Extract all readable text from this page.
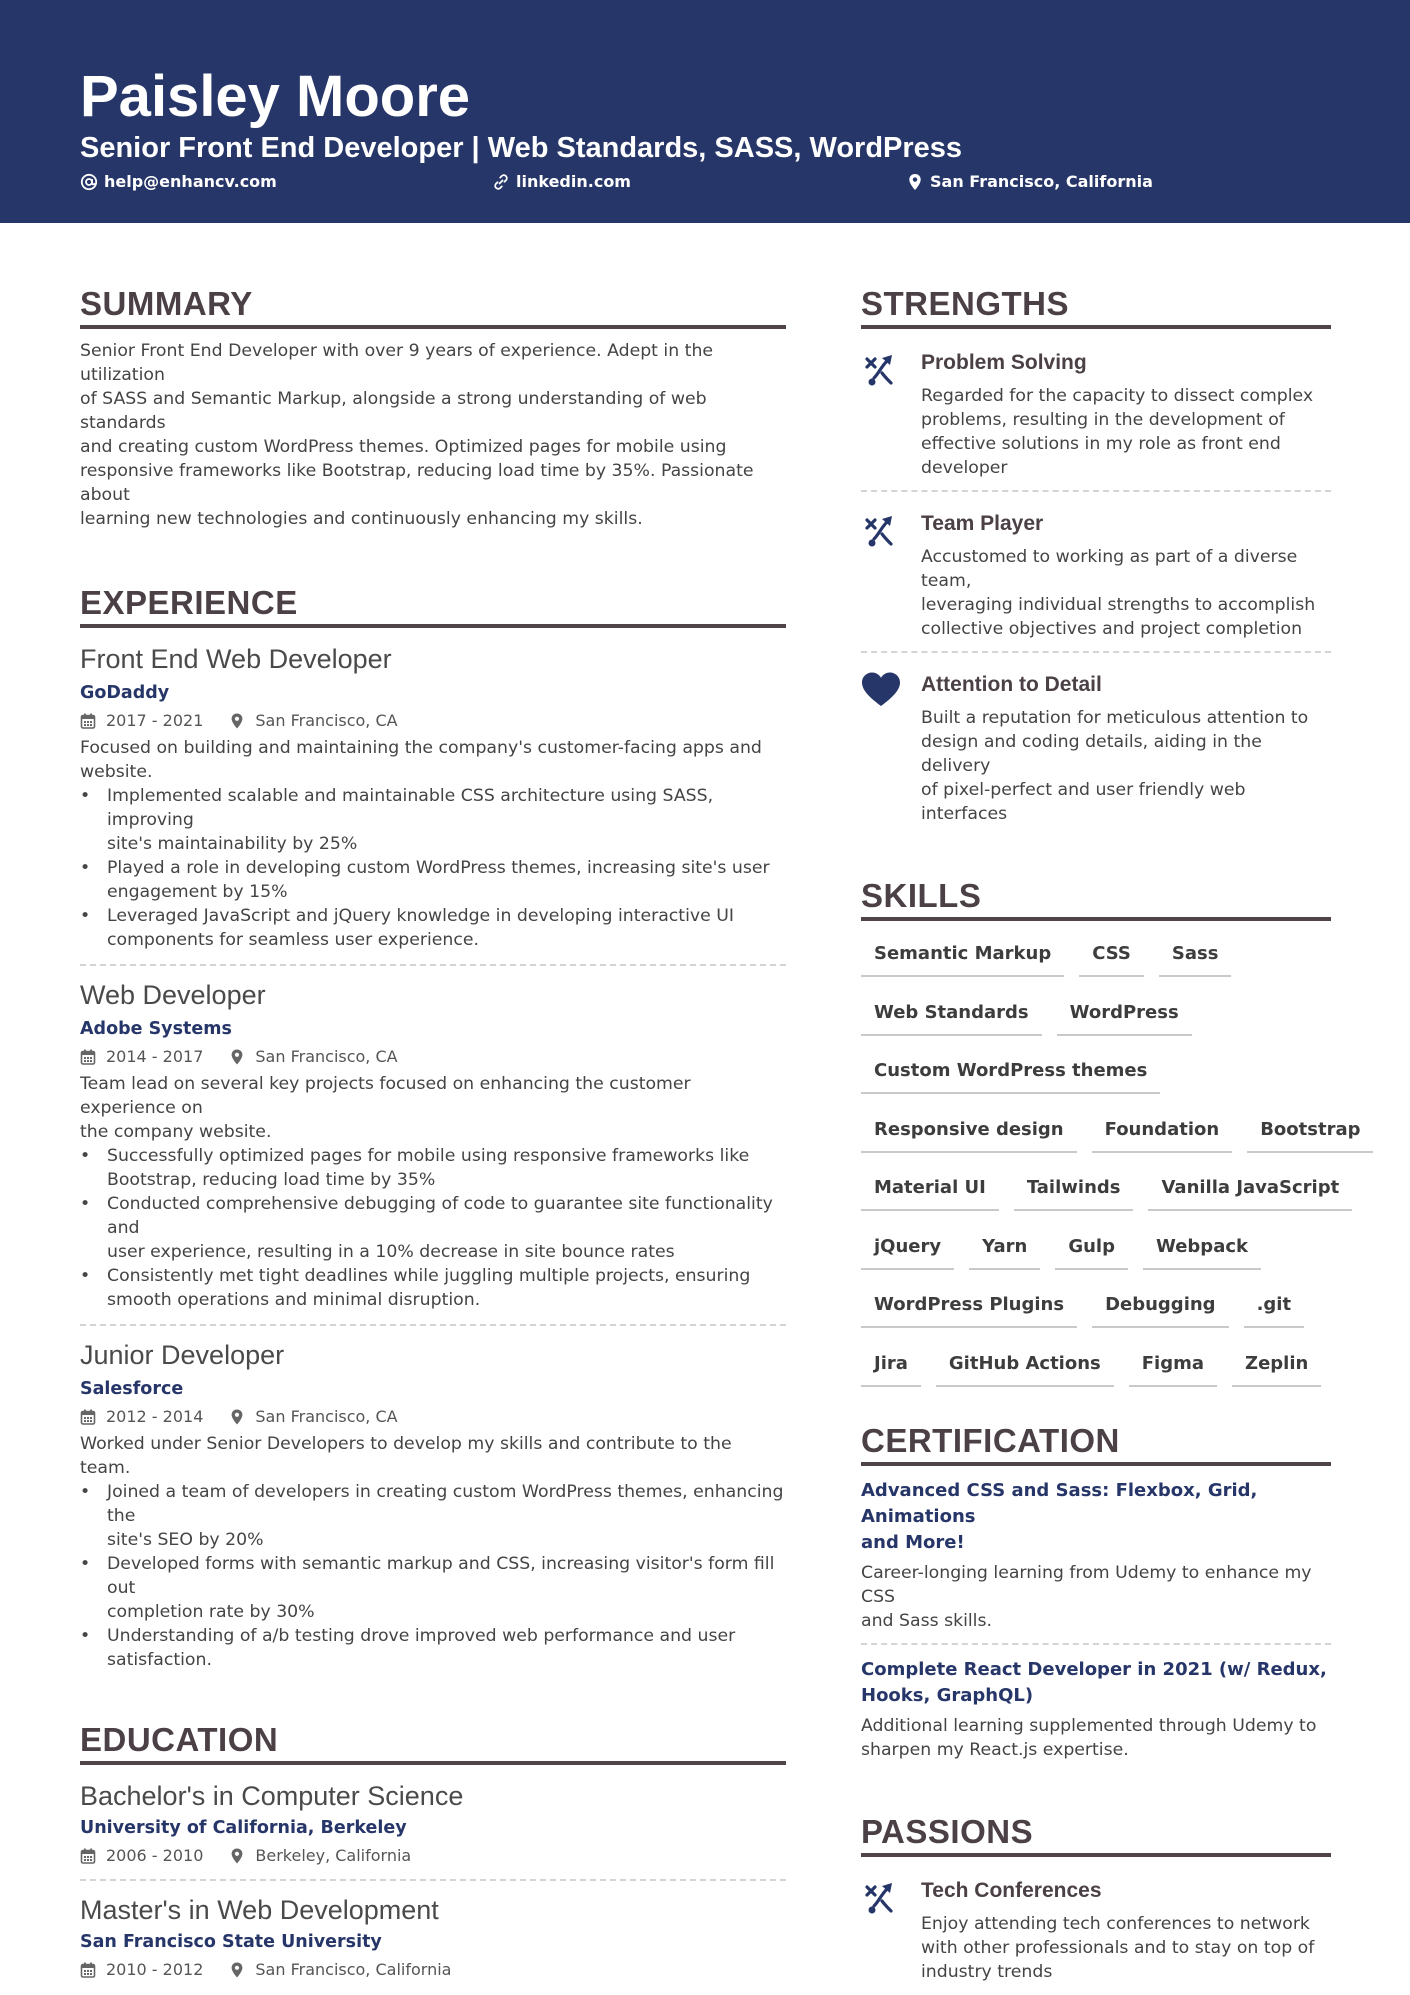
Paisley Moore
Senior Front End Developer | Web Standards, SASS, WordPress
help@enhancv.com	linkedin.com	San Francisco, California
SUMMARY
Senior Front End Developer with over 9 years of experience. Adept in the utilization
of SASS and Semantic Markup, alongside a strong understanding of web standards
and creating custom WordPress themes. Optimized pages for mobile using
responsive frameworks like Bootstrap, reducing load time by 35%. Passionate about
learning new technologies and continuously enhancing my skills.
EXPERIENCE
Front End Web Developer
GoDaddy
2017 - 2021	San Francisco, CA
Focused on building and maintaining the company's customer-facing apps and
website.
• Implemented scalable and maintainable CSS architecture using SASS, improving
site's maintainability by 25%
• Played a role in developing custom WordPress themes, increasing site's user
engagement by 15%
• Leveraged JavaScript and jQuery knowledge in developing interactive UI
components for seamless user experience.
Web Developer
Adobe Systems
2014 - 2017	San Francisco, CA
Team lead on several key projects focused on enhancing the customer experience on
the company website.
• Successfully optimized pages for mobile using responsive frameworks like
Bootstrap, reducing load time by 35%
• Conducted comprehensive debugging of code to guarantee site functionality and
user experience, resulting in a 10% decrease in site bounce rates
• Consistently met tight deadlines while juggling multiple projects, ensuring
smooth operations and minimal disruption.
Junior Developer
Salesforce
2012 - 2014	San Francisco, CA
Worked under Senior Developers to develop my skills and contribute to the team.
• Joined a team of developers in creating custom WordPress themes, enhancing the
site's SEO by 20%
• Developed forms with semantic markup and CSS, increasing visitor's form fill out
completion rate by 30%
• Understanding of a/b testing drove improved web performance and user
satisfaction.
EDUCATION
Bachelor's in Computer Science
University of California, Berkeley
2006 - 2010	Berkeley, California
Master's in Web Development
San Francisco State University
2010 - 2012	San Francisco, California
STRENGTHS
Problem Solving
Regarded for the capacity to dissect complex
problems, resulting in the development of
effective solutions in my role as front end
developer
Team Player
Accustomed to working as part of a diverse team,
leveraging individual strengths to accomplish
collective objectives and project completion
Attention to Detail
Built a reputation for meticulous attention to
design and coding details, aiding in the delivery
of pixel-perfect and user friendly web interfaces
SKILLS
Semantic Markup	CSS	Sass
Web Standards	WordPress
Custom WordPress themes
Responsive design	Foundation	Bootstrap
Material UI	Tailwinds	Vanilla JavaScript
jQuery	Yarn	Gulp	Webpack
WordPress Plugins	Debugging	.git
Jira	GitHub Actions	Figma	Zeplin
CERTIFICATION
Advanced CSS and Sass: Flexbox, Grid, Animations
and More!
Career-longing learning from Udemy to enhance my CSS
and Sass skills.
Complete React Developer in 2021 (w/ Redux,
Hooks, GraphQL)
Additional learning supplemented through Udemy to
sharpen my React.js expertise.
PASSIONS
Tech Conferences
Enjoy attending tech conferences to network
with other professionals and to stay on top of
industry trends
